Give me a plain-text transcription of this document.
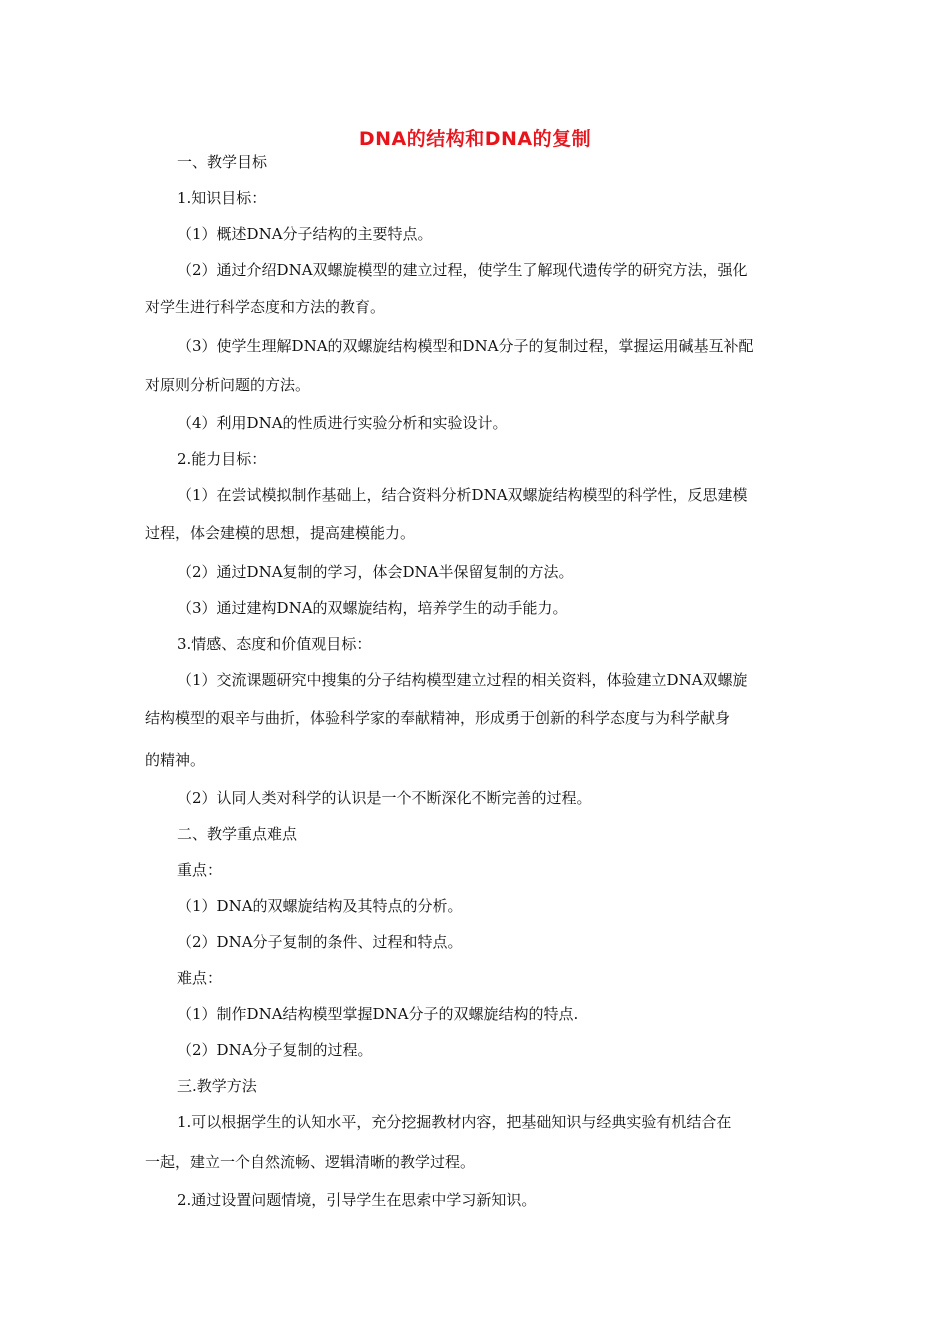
DNA的结构和DNA的复制
一、教学目标
1.知识目标：
（1）概述DNA分子结构的主要特点。
（2）通过介绍DNA双螺旋模型的建立过程，使学生了解现代遗传学的研究方法，强化
对学生进行科学态度和方法的教育。
（3）使学生理解DNA的双螺旋结构模型和DNA分子的复制过程，掌握运用碱基互补配
对原则分析问题的方法。
（4）利用DNA的性质进行实验分析和实验设计。
2.能力目标：
（1）在尝试模拟制作基础上，结合资料分析DNA双螺旋结构模型的科学性，反思建模
过程，体会建模的思想，提高建模能力。
（2）通过DNA复制的学习，体会DNA半保留复制的方法。
（3）通过建构DNA的双螺旋结构，培养学生的动手能力。
3.情感、态度和价值观目标：
（1）交流课题研究中搜集的分子结构模型建立过程的相关资料，体验建立DNA双螺旋
结构模型的艰辛与曲折，体验科学家的奉献精神，形成勇于创新的科学态度与为科学献身
的精神。
（2）认同人类对科学的认识是一个不断深化不断完善的过程。
二、教学重点难点
重点：
（1）DNA的双螺旋结构及其特点的分析。
（2）DNA分子复制的条件、过程和特点。
难点：
（1）制作DNA结构模型掌握DNA分子的双螺旋结构的特点.
（2）DNA分子复制的过程。
三.教学方法
1.可以根据学生的认知水平，充分挖掘教材内容，把基础知识与经典实验有机结合在
一起，建立一个自然流畅、逻辑清晰的教学过程。
2.通过设置问题情境，引导学生在思索中学习新知识。
